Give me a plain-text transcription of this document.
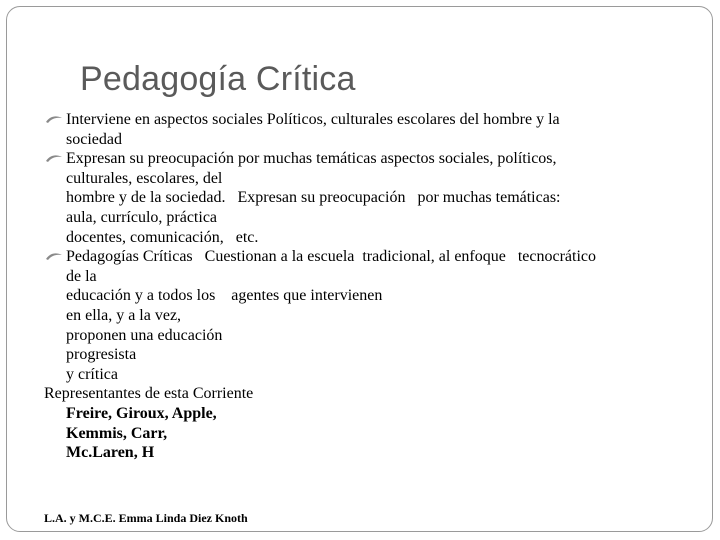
Pedagogía Crítica
Interviene en aspectos sociales Políticos, culturales escolares del hombre y la
sociedad
Expresan su preocupación por muchas temáticas aspectos sociales, políticos,
culturales, escolares, del
hombre y de la sociedad.   Expresan su preocupación   por muchas temáticas:
aula, currículo, práctica
docentes, comunicación,   etc.
Pedagogías Críticas   Cuestionan a la escuela  tradicional, al enfoque   tecnocrático
de la
educación y a todos los    agentes que intervienen
en ella, y a la vez,
proponen una educación
progresista
y crítica
Representantes de esta Corriente
Freire, Giroux, Apple,
Kemmis, Carr,
Mc.Laren, H
L.A. y M.C.E. Emma Linda Diez Knoth
